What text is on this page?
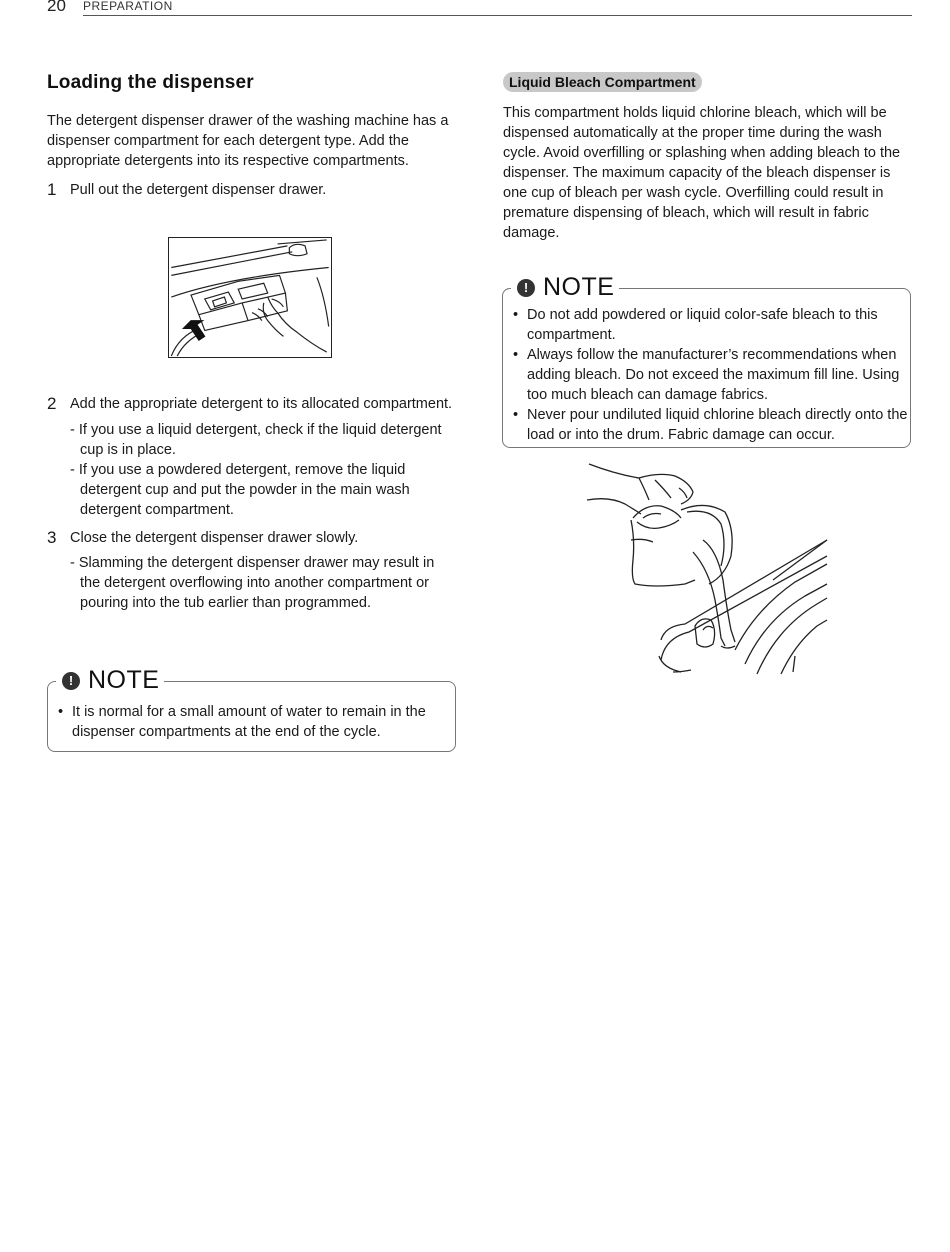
20 PREPARATION
Loading the dispenser
The detergent dispenser drawer of the washing machine has a dispenser compartment for each detergent type. Add the appropriate detergents into its respective compartments.
1 Pull out the detergent dispenser drawer.
2 Add the appropriate detergent to its allocated compartment.
- If you use a liquid detergent, check if the liquid detergent cup is in place.
- If you use a powdered detergent, remove the liquid detergent cup and put the powder in the main wash detergent compartment.
3 Close the detergent dispenser drawer slowly.
- Slamming the detergent dispenser drawer may result in the detergent overflowing into another compartment or pouring into the tub earlier than programmed.
! NOTE
• It is normal for a small amount of water to remain in the dispenser compartments at the end of the cycle.
Liquid Bleach Compartment
This compartment holds liquid chlorine bleach, which will be dispensed automatically at the proper time during the wash cycle. Avoid overfilling or splashing when adding bleach to the dispenser. The maximum capacity of the bleach dispenser is one cup of bleach per wash cycle. Overfilling could result in premature dispensing of bleach, which will result in fabric damage.
! NOTE
• Do not add powdered or liquid color-safe bleach to this compartment.
• Always follow the manufacturer’s recommendations when adding bleach. Do not exceed the maximum fill line. Using too much bleach can damage fabrics.
• Never pour undiluted liquid chlorine bleach directly onto the load or into the drum. Fabric damage can occur.
